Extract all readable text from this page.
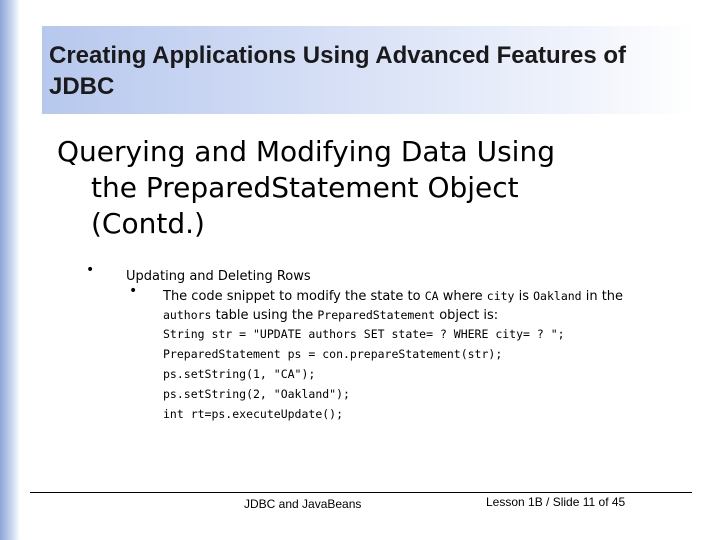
Creating Applications Using Advanced Features of JDBC
Querying and Modifying Data Using
the PreparedStatement Object
(Contd.)
• Updating and Deleting Rows
• The code snippet to modify the state to CA where city is Oakland in the
authors table using the PreparedStatement object is:
String str = "UPDATE authors SET state= ? WHERE city= ? ";
PreparedStatement ps = con.prepareStatement(str);
ps.setString(1, "CA");
ps.setString(2, "Oakland");
int rt=ps.executeUpdate();
JDBC and JavaBeans	Lesson 1B / Slide 11 of 45
